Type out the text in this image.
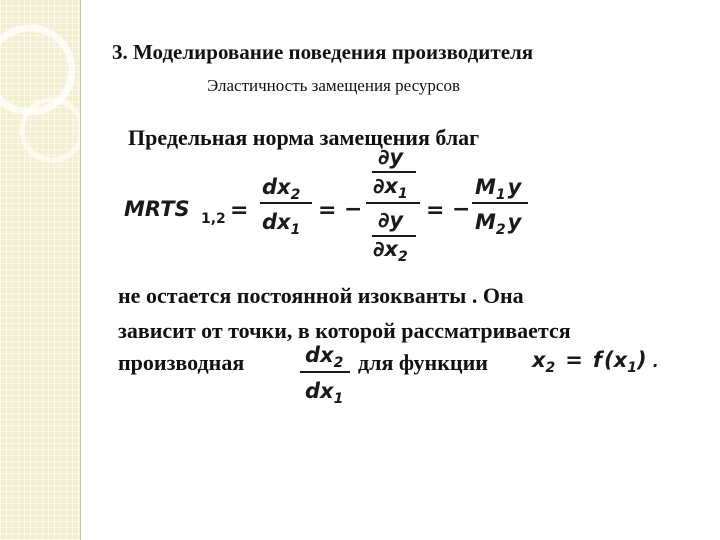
3. Моделирование поведения производителя
Эластичность замещения ресурсов
Предельная норма замещения благ
MRTS 1,2 =
$dx_2$
$dx_1$
= −
∂y
$\partial x_1$
∂y
$\partial x_2$
= −
$M_1y$
$M_2y$
$dx_2$
$dx_1$
$x_2 = f(x_1)$ .
не остается постоянной изокванты . Она
зависит от точки, в которой рассматривается
производная	для функции
